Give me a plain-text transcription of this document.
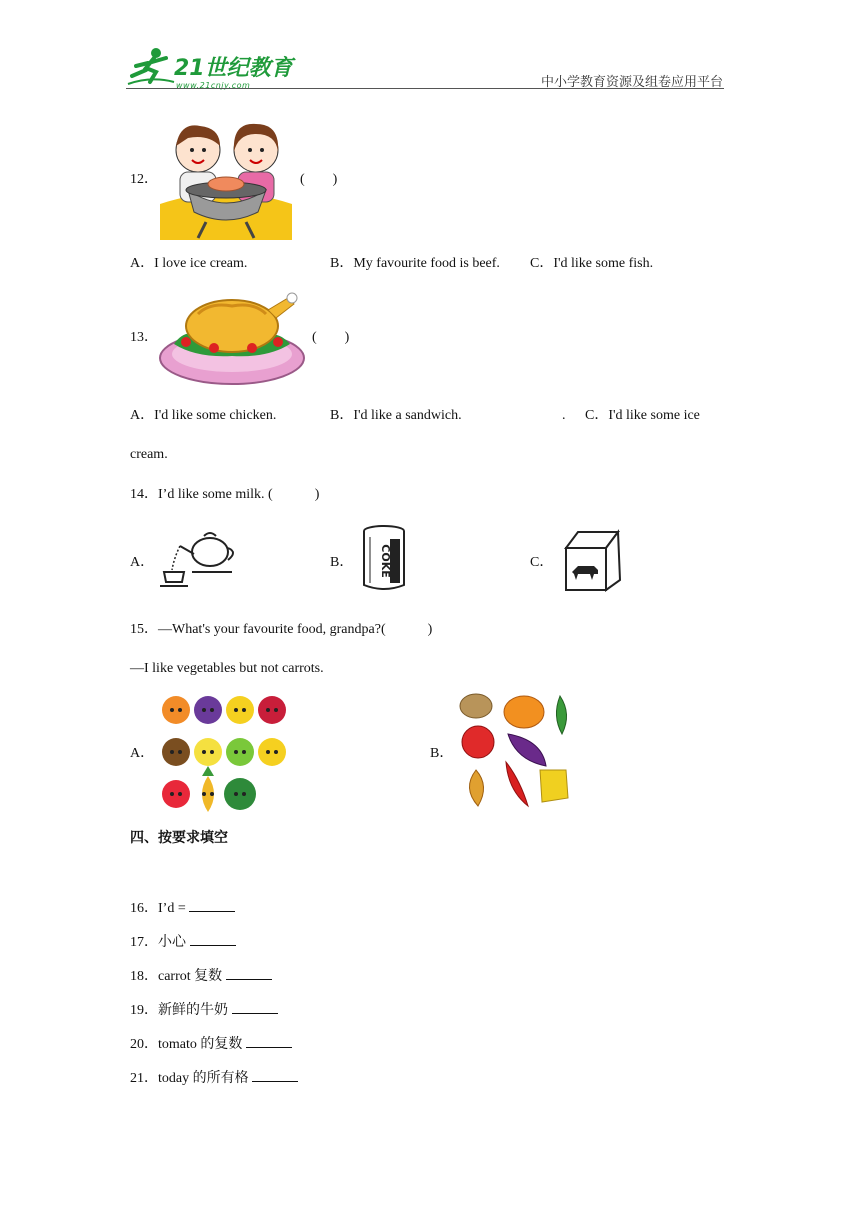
21世纪教育
www.21cnjy.com	中小学教育资源及组卷应用平台
12．	(　　)
A．I love ice cream.	B．My favourite food is beef. C．I'd like some fish.
13．	(　　)
A．I'd like some chicken.	B．I'd like a sandwich.	. C．I'd like some ice
cream.
14．I’d like some milk. (　　　)
A．	B． COKE	C．
15．—What's your favourite food, grandpa?(　　　)
—I like vegetables but not carrots.
A．	B．
四、按要求填空
16．I’d =
17．小心
18．carrot 复数
19．新鲜的牛奶
20．tomato 的复数
21．today 的所有格
